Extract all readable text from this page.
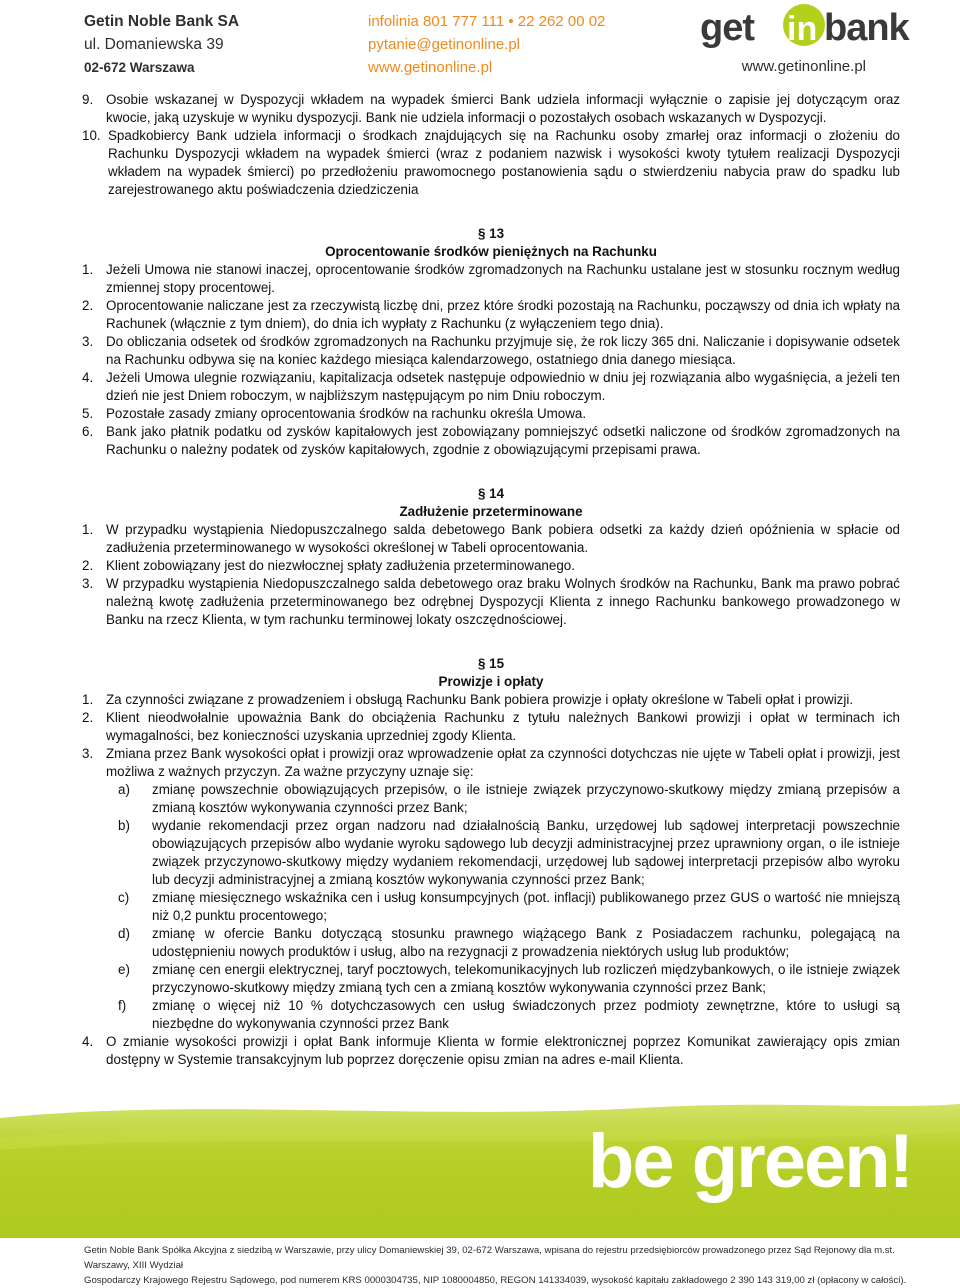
Getin Noble Bank SA
ul. Domaniewska 39
02-672 Warszawa
infolinia 801 777 111 • 22 262 00 02
pytanie@getinonline.pl
www.getinonline.pl
get in bank
www.getinonline.pl
9. Osobie wskazanej w Dyspozycji wkładem na wypadek śmierci Bank udziela informacji wyłącznie o zapisie jej dotyczącym oraz kwocie, jaką uzyskuje w wyniku dyspozycji. Bank nie udziela informacji o pozostałych osobach wskazanych w Dyspozycji.
10. Spadkobiercy Bank udziela informacji o środkach znajdujących się na Rachunku osoby zmarłej oraz informacji o złożeniu do Rachunku Dyspozycji wkładem na wypadek śmierci (wraz z podaniem nazwisk i wysokości kwoty tytułem realizacji Dyspozycji wkładem na wypadek śmierci) po przedłożeniu prawomocnego postanowienia sądu o stwierdzeniu nabycia praw do spadku lub zarejestrowanego aktu poświadczenia dziedziczenia
§ 13
Oprocentowanie środków pieniężnych na Rachunku
1. Jeżeli Umowa nie stanowi inaczej, oprocentowanie środków zgromadzonych na Rachunku ustalane jest w stosunku rocznym według zmiennej stopy procentowej.
2. Oprocentowanie naliczane jest za rzeczywistą liczbę dni, przez które środki pozostają na Rachunku, począwszy od dnia ich wpłaty na Rachunek (włącznie z tym dniem), do dnia ich wypłaty z Rachunku (z wyłączeniem tego dnia).
3. Do obliczania odsetek od środków zgromadzonych na Rachunku przyjmuje się, że rok liczy 365 dni. Naliczanie i dopisywanie odsetek na Rachunku odbywa się na koniec każdego miesiąca kalendarzowego, ostatniego dnia danego miesiąca.
4. Jeżeli Umowa ulegnie rozwiązaniu, kapitalizacja odsetek następuje odpowiednio w dniu jej rozwiązania albo wygaśnięcia, a jeżeli ten dzień nie jest Dniem roboczym, w najbliższym następującym po nim Dniu roboczym.
5. Pozostałe zasady zmiany oprocentowania środków na rachunku określa Umowa.
6. Bank jako płatnik podatku od zysków kapitałowych jest zobowiązany pomniejszyć odsetki naliczone od środków zgromadzonych na Rachunku o należny podatek od zysków kapitałowych, zgodnie z obowiązującymi przepisami prawa.
§ 14
Zadłużenie przeterminowane
1. W przypadku wystąpienia Niedopuszczalnego salda debetowego Bank pobiera odsetki za każdy dzień opóźnienia w spłacie od zadłużenia przeterminowanego w wysokości określonej w Tabeli oprocentowania.
2. Klient zobowiązany jest do niezwłocznej spłaty zadłużenia przeterminowanego.
3. W przypadku wystąpienia Niedopuszczalnego salda debetowego oraz braku Wolnych środków na Rachunku, Bank ma prawo pobrać należną kwotę zadłużenia przeterminowanego bez odrębnej Dyspozycji Klienta z innego Rachunku bankowego prowadzonego w Banku na rzecz Klienta, w tym rachunku terminowej lokaty oszczędnościowej.
§ 15
Prowizje i opłaty
1. Za czynności związane z prowadzeniem i obsługą Rachunku Bank pobiera prowizje i opłaty określone w Tabeli opłat i prowizji.
2. Klient nieodwołalnie upoważnia Bank do obciążenia Rachunku z tytułu należnych Bankowi prowizji i opłat w terminach ich wymagalności, bez konieczności uzyskania uprzedniej zgody Klienta.
3. Zmiana przez Bank wysokości opłat i prowizji oraz wprowadzenie opłat za czynności dotychczas nie ujęte w Tabeli opłat i prowizji, jest możliwa z ważnych przyczyn. Za ważne przyczyny uznaje się:
a)	zmianę powszechnie obowiązujących przepisów, o ile istnieje związek przyczynowo-skutkowy między zmianą przepisów a zmianą kosztów wykonywania czynności przez Bank;
b)	wydanie rekomendacji przez organ nadzoru nad działalnością Banku, urzędowej lub sądowej interpretacji powszechnie obowiązujących przepisów albo wydanie wyroku sądowego lub decyzji administracyjnej przez uprawniony organ, o ile istnieje związek przyczynowo-skutkowy między wydaniem rekomendacji, urzędowej lub sądowej interpretacji przepisów albo wyroku lub decyzji administracyjnej a zmianą kosztów wykonywania czynności przez Bank;
c)	zmianę miesięcznego wskaźnika cen i usług konsumpcyjnych (pot. inflacji) publikowanego przez GUS o wartość nie mniejszą niż 0,2 punktu procentowego;
d)	zmianę w ofercie Banku dotyczącą stosunku prawnego wiążącego Bank z Posiadaczem rachunku, polegającą na udostępnieniu nowych produktów i usług, albo na rezygnacji z prowadzenia niektórych usług lub produktów;
e)	zmianę cen energii elektrycznej, taryf pocztowych, telekomunikacyjnych lub rozliczeń międzybankowych, o ile istnieje związek przyczynowo-skutkowy między zmianą tych cen a zmianą kosztów wykonywania czynności przez Bank;
f)	zmianę o więcej niż 10 % dotychczasowych cen usług świadczonych przez podmioty zewnętrzne, które to usługi są niezbędne do wykonywania czynności przez Bank
4. O zmianie wysokości prowizji i opłat Bank informuje Klienta w formie elektronicznej poprzez Komunikat zawierający opis zmian dostępny w Systemie transakcyjnym lub poprzez doręczenie opisu zmian na adres e-mail Klienta.
be green!
Getin Noble Bank Spółka Akcyjna z siedzibą w Warszawie, przy ulicy Domaniewskiej 39, 02-672 Warszawa, wpisana do rejestru przedsiębiorców prowadzonego przez Sąd Rejonowy dla m.st. Warszawy, XIII Wydział
Gospodarczy Krajowego Rejestru Sądowego, pod numerem KRS 0000304735, NIP 1080004850, REGON 141334039, wysokość kapitału zakładowego 2 390 143 319,00 zł (opłacony w całości).
